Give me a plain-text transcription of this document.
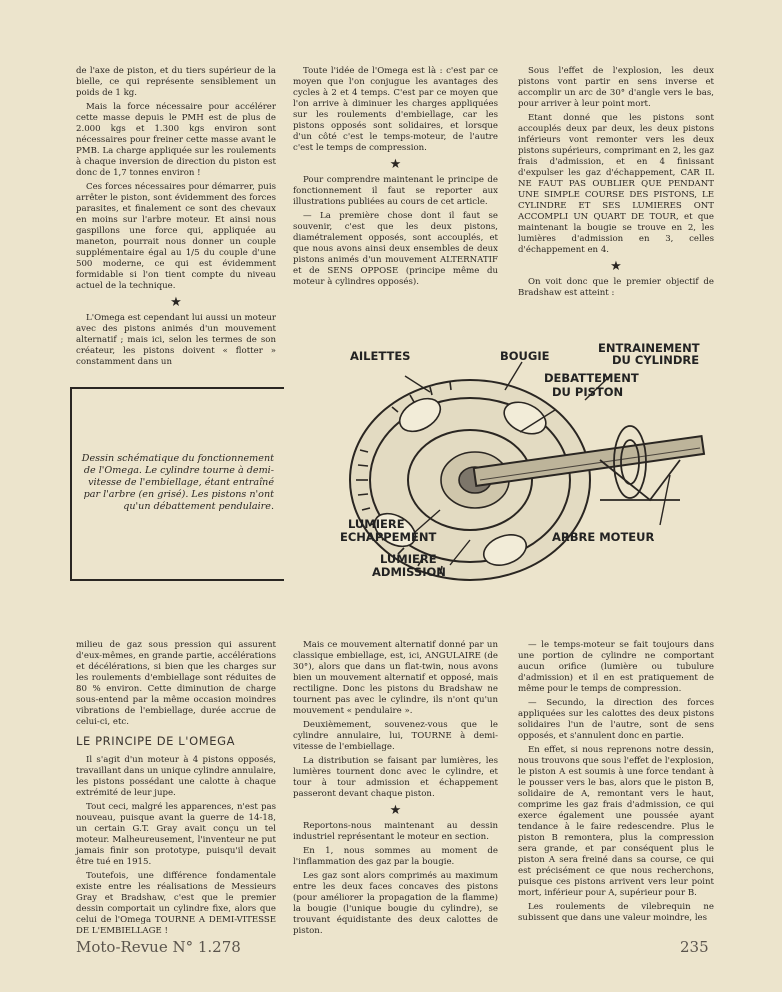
de l'axe de piston, et du tiers supérieur de la bielle, ce qui représente sensiblement un poids de 1 kg.

Mais la force nécessaire pour accélérer cette masse depuis le PMH est de plus de 2.000 kgs et 1.300 kgs environ sont nécessaires pour freiner cette masse avant le PMB. La charge appliquée sur les roulements à chaque inversion de direction du piston est donc de 1,7 tonnes environ !

Ces forces nécessaires pour démarrer, puis arrêter le piston, sont évidemment des forces parasites, et finalement ce sont des chevaux en moins sur l'arbre moteur. Et ainsi nous gaspillons une force qui, appliquée au maneton, pourrait nous donner un couple supplémentaire égal au 1/5 du couple d'une 500 moderne, ce qui est évidemment formidable si l'on tient compte du niveau actuel de la technique.

★

L'Omega est cependant lui aussi un moteur avec des pistons animés d'un mouvement alternatif ; mais ici, selon les termes de son créateur, les pistons doivent « flotter » constamment dans un

Toute l'idée de l'Omega est là : c'est par ce moyen que l'on conjugue les avantages des cycles à 2 et 4 temps. C'est par ce moyen que l'on arrive à diminuer les charges appliquées sur les roulements d'embiellage, car les pistons opposés sont solidaires, et lorsque d'un côté c'est le temps-moteur, de l'autre c'est le temps de compression.

★

Pour comprendre maintenant le principe de fonctionnement il faut se reporter aux illustrations publiées au cours de cet article.

— La première chose dont il faut se souvenir, c'est que les deux pistons, diamétralement opposés, sont accouplés, et que nous avons ainsi deux ensembles de deux pistons animés d'un mouvement ALTERNATIF et de SENS OPPOSE (principe même du moteur à cylindres opposés).

Sous l'effet de l'explosion, les deux pistons vont partir en sens inverse et accomplir un arc de 30° d'angle vers le bas, pour arriver à leur point mort.

Etant donné que les pistons sont accouplés deux par deux, les deux pistons inférieurs vont remonter vers les deux pistons supérieurs, comprimant en 2, les gaz frais d'admission, et en 4 finissant d'expulser les gaz d'échappement, CAR IL NE FAUT PAS OUBLIER QUE PENDANT UNE SIMPLE COURSE DES PISTONS, LE CYLINDRE ET SES LUMIERES ONT ACCOMPLI UN QUART DE TOUR, et que maintenant la bougie se trouve en 2, les lumières d'admission en 3, celles d'échappement en 4.

★

On voit donc que le premier objectif de Bradshaw est atteint :

Dessin schématique du fonctionnement de l'Omega. Le cylindre tourne à demi-vitesse de l'embiellage, étant entraîné par l'arbre (en grisé). Les pistons n'ont qu'un débattement pendulaire.
AILETTES	BOUGIE
ENTRAINEMENT
DU CYLINDRE
DEBATTEMENT
DU PISTON
LUMIERE
ECHAPPEMENT	ARBRE MOTEUR
LUMIERE
ADMISSION

milieu de gaz sous pression qui assurent d'eux-mêmes, en grande partie, accélérations et décélérations, si bien que les charges sur les roulements d'embiellage sont réduites de 80 % environ. Cette diminution de charge sous-entend par la même occasion moindres vibrations de l'embiellage, durée accrue de celui-ci, etc.

LE PRINCIPE DE L'OMEGA

Il s'agit d'un moteur à 4 pistons opposés, travaillant dans un unique cylindre annulaire, les pistons possédant une calotte à chaque extrémité de leur jupe.

Tout ceci, malgré les apparences, n'est pas nouveau, puisque avant la guerre de 14-18, un certain G.T. Gray avait conçu un tel moteur. Malheureusement, l'inventeur ne put jamais finir son prototype, puisqu'il devait être tué en 1915.

Toutefois, une différence fondamentale existe entre les réalisations de Messieurs Gray et Bradshaw, c'est que le premier dessin comportait un cylindre fixe, alors que celui de l'Omega TOURNE A DEMI-VITESSE DE L'EMBIELLAGE !

Mais ce mouvement alternatif donné par un classique embiellage, est, ici, ANGULAIRE (de 30°), alors que dans un flat-twin, nous avons bien un mouvement alternatif et opposé, mais rectiligne. Donc les pistons du Bradshaw ne tournent pas avec le cylindre, ils n'ont qu'un mouvement « pendulaire ».

Deuxièmement, souvenez-vous que le cylindre annulaire, lui, TOURNE à demi-vitesse de l'embiellage.

La distribution se faisant par lumières, les lumières tournent donc avec le cylindre, et tour à tour admission et échappement passeront devant chaque piston.

★

Reportons-nous maintenant au dessin industriel représentant le moteur en section.

En 1, nous sommes au moment de l'inflammation des gaz par la bougie.

Les gaz sont alors comprimés au maximum entre les deux faces concaves des pistons (pour améliorer la propagation de la flamme) la bougie (l'unique bougie du cylindre), se trouvant équidistante des deux calottes de piston.

— le temps-moteur se fait toujours dans une portion de cylindre ne comportant aucun orifice (lumière ou tubulure d'admission) et il en est pratiquement de même pour le temps de compression.

— Secundo, la direction des forces appliquées sur les calottes des deux pistons solidaires l'un de l'autre, sont de sens opposés, et s'annulent donc en partie.

En effet, si nous reprenons notre dessin, nous trouvons que sous l'effet de l'explosion, le piston A est soumis à une force tendant à le pousser vers le bas, alors que le piston B, solidaire de A, remontant vers le haut, comprime les gaz frais d'admission, ce qui exerce également une poussée ayant tendance à le faire redescendre. Plus le piston B remontera, plus la compression sera grande, et par conséquent plus le piston A sera freiné dans sa course, ce qui est précisément ce que nous recherchons, puisque ces pistons arrivent vers leur point mort, inférieur pour A, supérieur pour B.

Les roulements de vilebrequin ne subissent que dans une valeur moindre, les

Moto-Revue N° 1.278	235
